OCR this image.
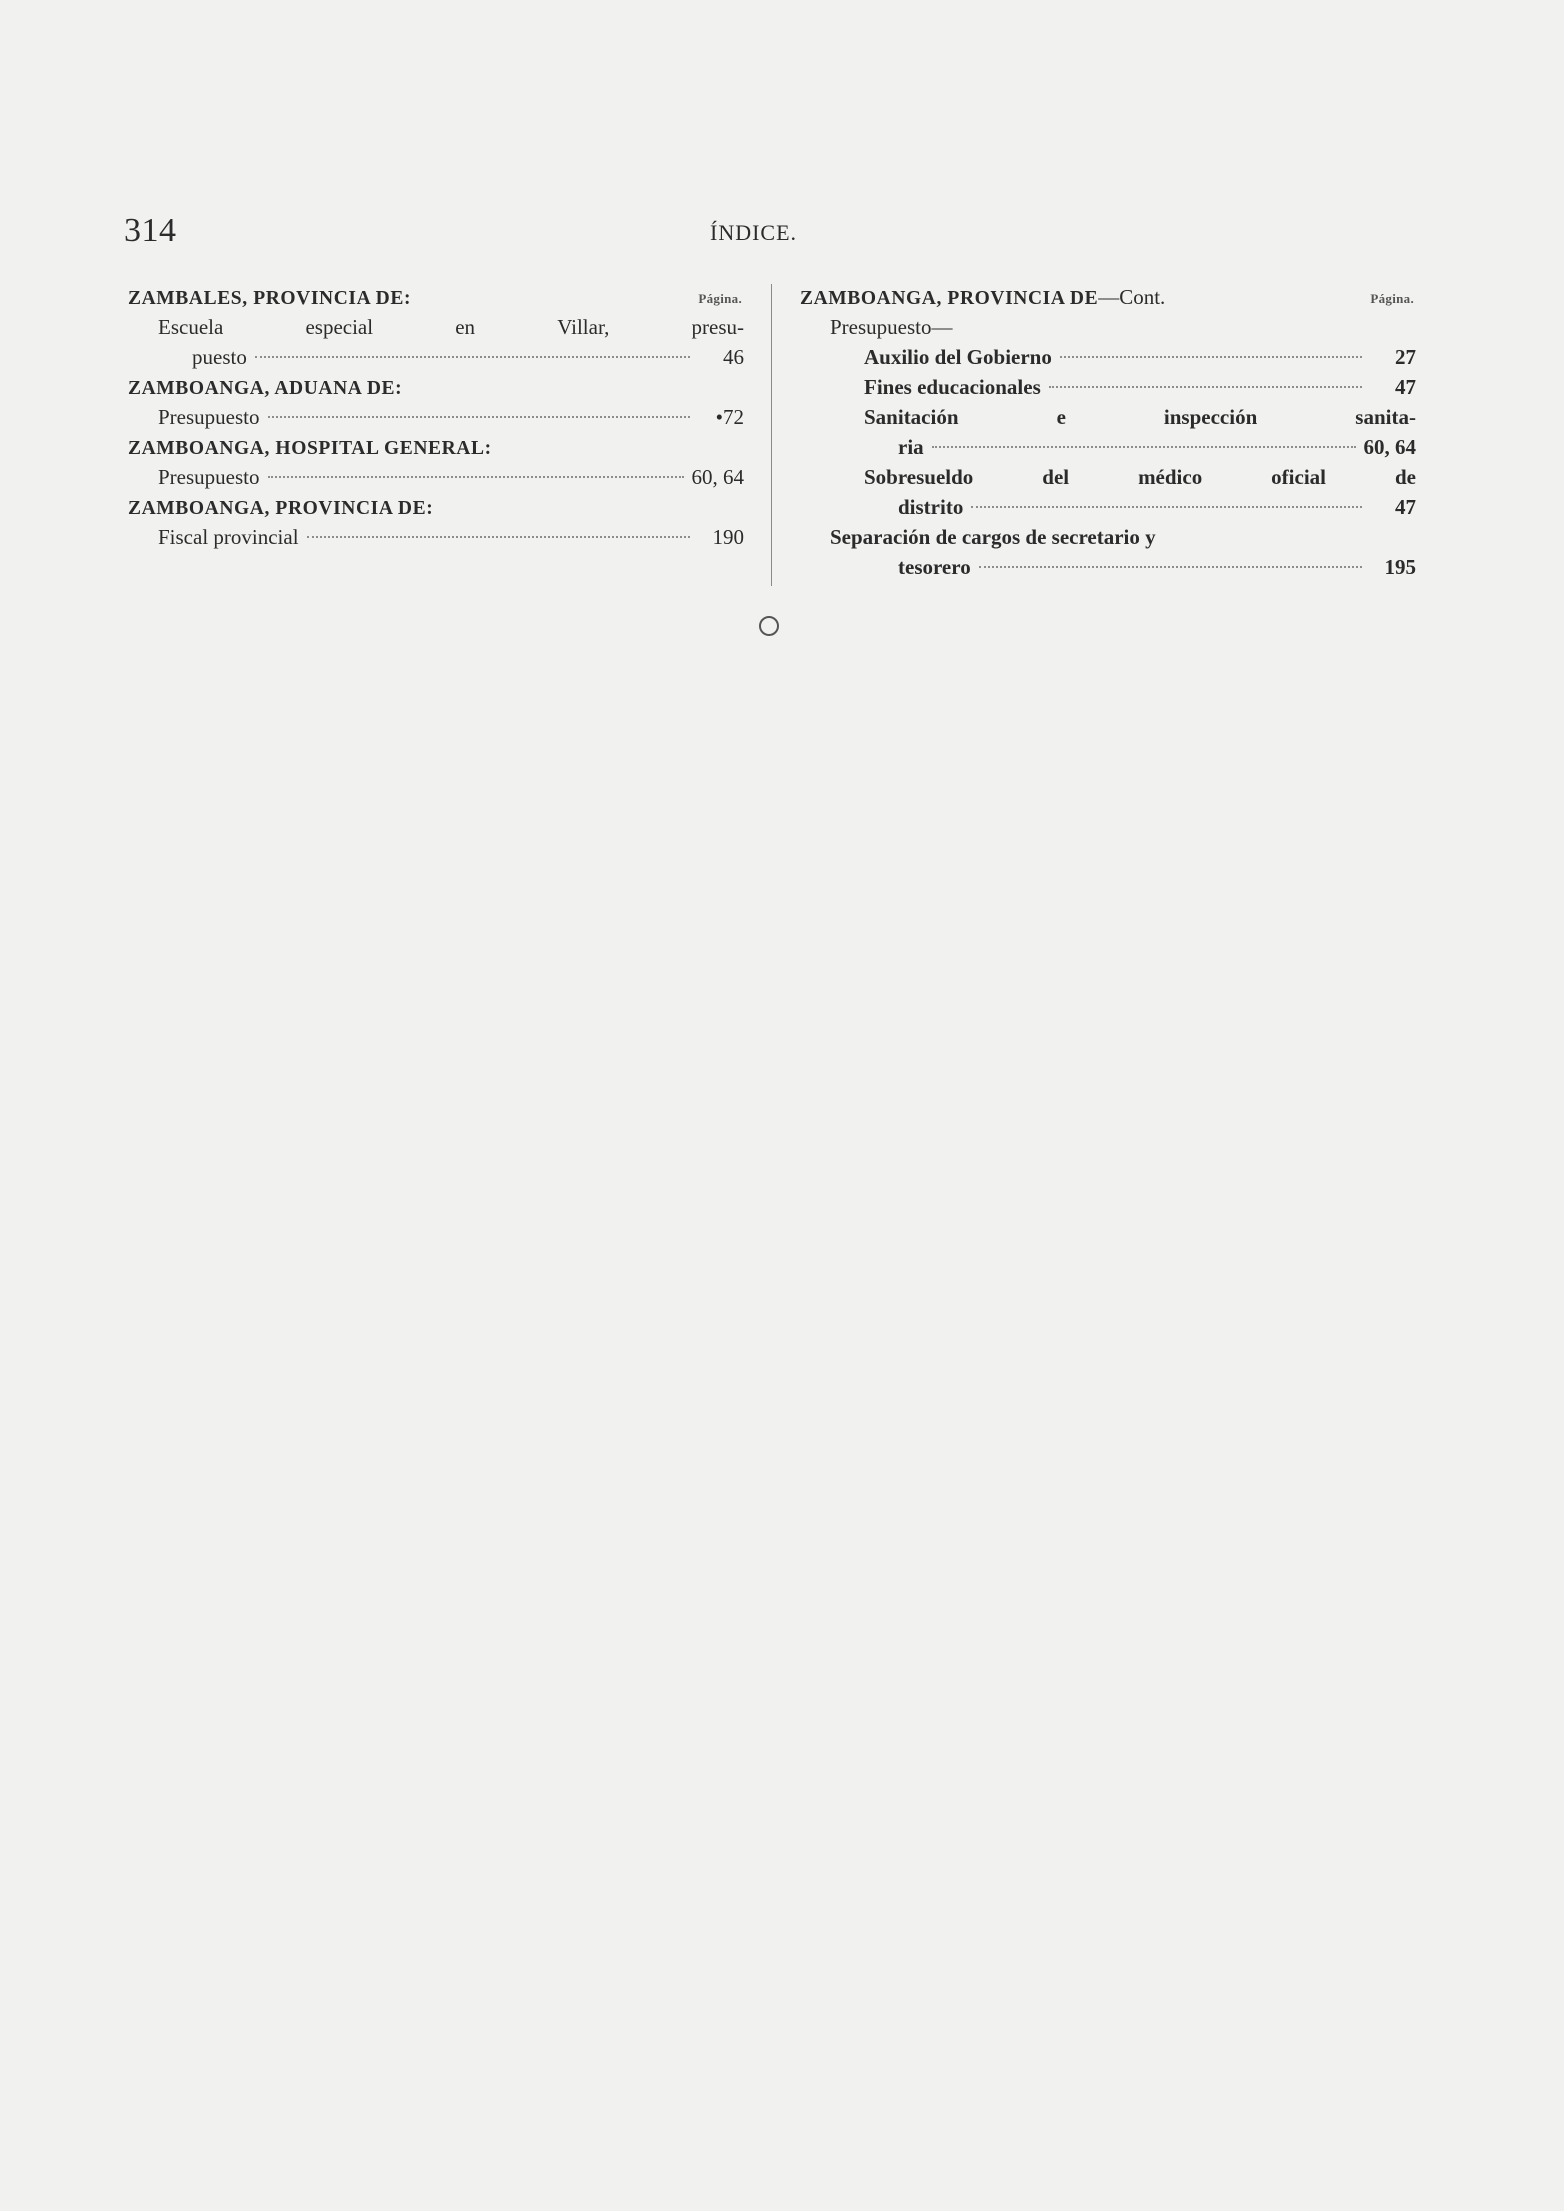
314	ÍNDICE.
ZAMBALES, PROVINCIA DE:	Página.
Escuela	especial	en	Villar,	presu-
puesto	46
ZAMBOANGA, ADUANA DE:
Presupuesto	•72
ZAMBOANGA, HOSPITAL GENERAL:
Presupuesto	60, 64
ZAMBOANGA, PROVINCIA DE:
Fiscal provincial	190
ZAMBOANGA, PROVINCIA DE—Cont.	Página.
Presupuesto—
Auxilio del Gobierno	27
Fines educacionales	47
Sanitación	e	inspección	sanita-
ria	60, 64
Sobresueldo	del	médico	oficial	de
distrito	47
Separación de cargos de secretario y
tesorero	195
